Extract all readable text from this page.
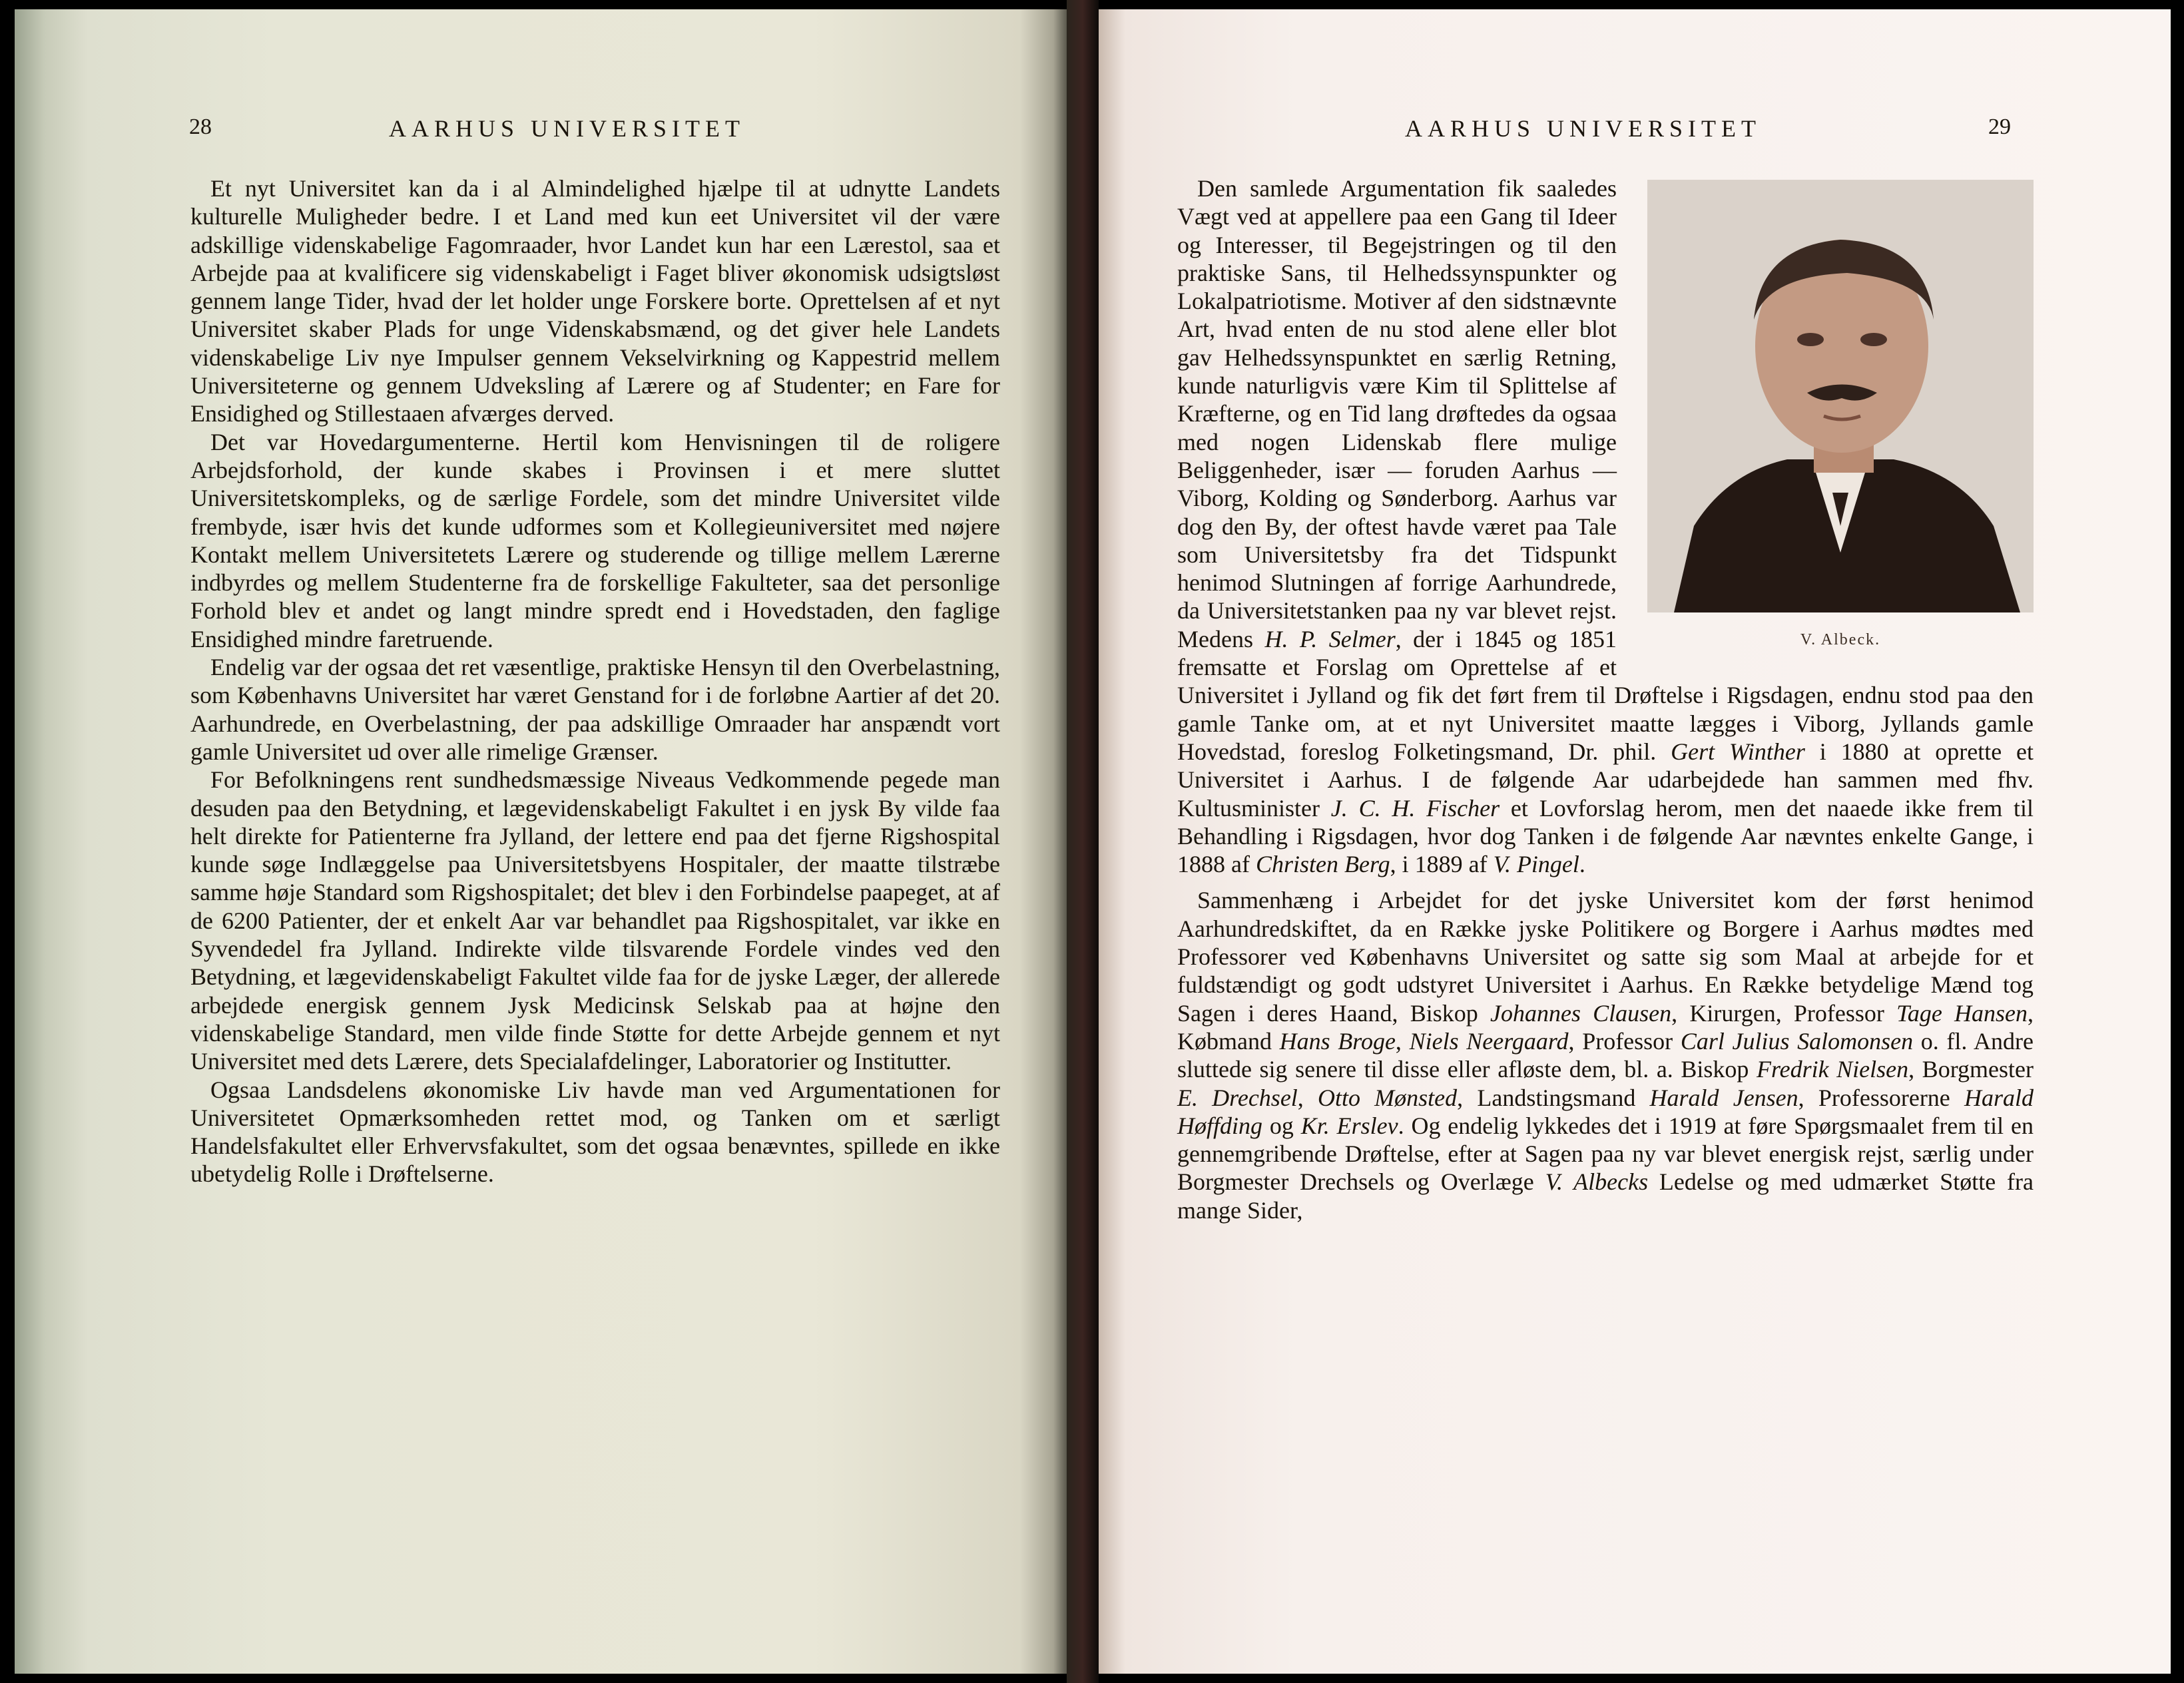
28	AARHUS UNIVERSITET

Et nyt Universitet kan da i al Almindelighed hjælpe til at udnytte Landets kulturelle Muligheder bedre. I et Land med kun eet Universitet vil der være adskillige videnskabelige Fagomraader, hvor Landet kun har een Lærestol, saa et Arbejde paa at kvalificere sig videnskabeligt i Faget bliver økonomisk udsigtsløst gennem lange Tider, hvad der let holder unge Forskere borte. Oprettelsen af et nyt Universitet skaber Plads for unge Videnskabsmænd, og det giver hele Landets videnskabelige Liv nye Impulser gennem Vekselvirkning og Kappestrid mellem Universiteterne og gennem Udveksling af Lærere og af Studenter; en Fare for Ensidighed og Stillestaaen afværges derved.

Det var Hovedargumenterne. Hertil kom Henvisningen til de roligere Arbejdsforhold, der kunde skabes i Provinsen i et mere sluttet Universitetskompleks, og de særlige Fordele, som det mindre Universitet vilde frembyde, især hvis det kunde udformes som et Kollegieuniversitet med nøjere Kontakt mellem Universitetets Lærere og studerende og tillige mellem Lærerne indbyrdes og mellem Studenterne fra de forskellige Fakulteter, saa det personlige Forhold blev et andet og langt mindre spredt end i Hovedstaden, den faglige Ensidighed mindre faretruende.

Endelig var der ogsaa det ret væsentlige, praktiske Hensyn til den Overbelastning, som Københavns Universitet har været Genstand for i de forløbne Aartier af det 20. Aarhundrede, en Overbelastning, der paa adskillige Omraader har anspændt vort gamle Universitet ud over alle rimelige Grænser.

For Befolkningens rent sundhedsmæssige Niveaus Vedkommende pegede man desuden paa den Betydning, et lægevidenskabeligt Fakultet i en jysk By vilde faa helt direkte for Patienterne fra Jylland, der lettere end paa det fjerne Rigshospital kunde søge Indlæggelse paa Universitetsbyens Hospitaler, der maatte tilstræbe samme høje Standard som Rigshospitalet; det blev i den Forbindelse paapeget, at af de 6200 Patienter, der et enkelt Aar var behandlet paa Rigshospitalet, var ikke en Syvendedel fra Jylland. Indirekte vilde tilsvarende Fordele vindes ved den Betydning, et lægevidenskabeligt Fakultet vilde faa for de jyske Læger, der allerede arbejdede energisk gennem Jysk Medicinsk Selskab paa at højne den videnskabelige Standard, men vilde finde Støtte for dette Arbejde gennem et nyt Universitet med dets Lærere, dets Specialafdelinger, Laboratorier og Institutter.

Ogsaa Landsdelens økonomiske Liv havde man ved Argumentationen for Universitetet Opmærksomheden rettet mod, og Tanken om et særligt Handelsfakultet eller Erhvervsfakultet, som det ogsaa benævntes, spillede en ikke ubetydelig Rolle i Drøftelserne.

AARHUS UNIVERSITET	29
V. Albeck.

Den samlede Argumentation fik saaledes Vægt ved at appellere paa een Gang til Ideer og Interesser, til Begejstringen og til den praktiske Sans, til Helhedssynspunkter og Lokalpatriotisme. Motiver af den sidstnævnte Art, hvad enten de nu stod alene eller blot gav Helhedssynspunktet en særlig Retning, kunde naturligvis være Kim til Splittelse af Kræfterne, og en Tid lang drøftedes da ogsaa med nogen Lidenskab flere mulige Beliggenheder, især — foruden Aarhus — Viborg, Kolding og Sønderborg. Aarhus var dog den By, der oftest havde været paa Tale som Universitetsby fra det Tidspunkt henimod Slutningen af forrige Aarhundrede, da Universitetstanken paa ny var blevet rejst. Medens H. P. Selmer, der i 1845 og 1851 fremsatte et Forslag om Oprettelse af et Universitet i Jylland og fik det ført frem til Drøftelse i Rigsdagen, endnu stod paa den gamle Tanke om, at et nyt Universitet maatte lægges i Viborg, Jyllands gamle Hovedstad, foreslog Folketingsmand, Dr. phil. Gert Winther i 1880 at oprette et Universitet i Aarhus. I de følgende Aar udarbejdede han sammen med fhv. Kultusminister J. C. H. Fischer et Lovforslag herom, men det naaede ikke frem til Behandling i Rigsdagen, hvor dog Tanken i de følgende Aar nævntes enkelte Gange, i 1888 af Christen Berg, i 1889 af V. Pingel.

Sammenhæng i Arbejdet for det jyske Universitet kom der først henimod Aarhundredskiftet, da en Række jyske Politikere og Borgere i Aarhus mødtes med Professorer ved Københavns Universitet og satte sig som Maal at arbejde for et fuldstændigt og godt udstyret Universitet i Aarhus. En Række betydelige Mænd tog Sagen i deres Haand, Biskop Johannes Clausen, Kirurgen, Professor Tage Hansen, Købmand Hans Broge, Niels Neergaard, Professor Carl Julius Salomonsen o. fl. Andre sluttede sig senere til disse eller afløste dem, bl. a. Biskop Fredrik Nielsen, Borgmester E. Drechsel, Otto Mønsted, Landstingsmand Harald Jensen, Professorerne Harald Høffding og Kr. Erslev. Og endelig lykkedes det i 1919 at føre Spørgsmaalet frem til en gennemgribende Drøftelse, efter at Sagen paa ny var blevet energisk rejst, særlig under Borgmester Drechsels og Overlæge V. Albecks Ledelse og med udmærket Støtte fra mange Sider,
